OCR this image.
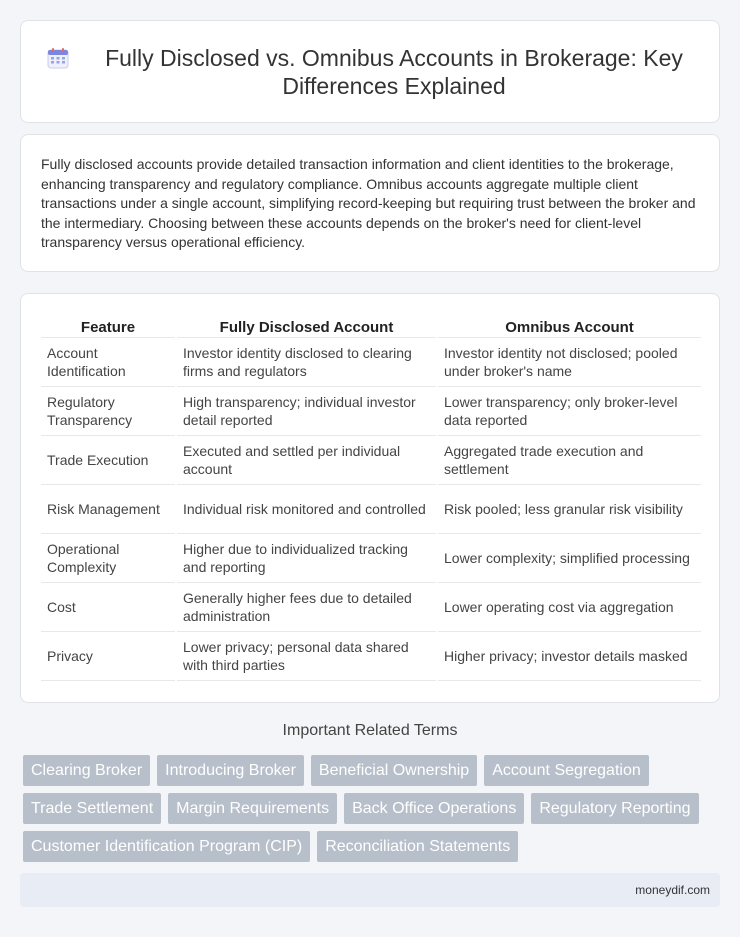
Fully Disclosed vs. Omnibus Accounts in Brokerage: Key Differences Explained

Fully disclosed accounts provide detailed transaction information and client identities to the brokerage, enhancing transparency and regulatory compliance. Omnibus accounts aggregate multiple client transactions under a single account, simplifying record-keeping but requiring trust between the broker and the intermediary. Choosing between these accounts depends on the broker's need for client-level transparency versus operational efficiency.

Feature	Fully Disclosed Account	Omnibus Account
Account Identification	Investor identity disclosed to clearing firms and regulators	Investor identity not disclosed; pooled under broker's name
Regulatory Transparency	High transparency; individual investor detail reported	Lower transparency; only broker-level data reported
Trade Execution	Executed and settled per individual account	Aggregated trade execution and settlement
Risk Management	Individual risk monitored and controlled	Risk pooled; less granular risk visibility
Operational Complexity	Higher due to individualized tracking and reporting	Lower complexity; simplified processing
Cost	Generally higher fees due to detailed administration	Lower operating cost via aggregation
Privacy	Lower privacy; personal data shared with third parties	Higher privacy; investor details masked
Important Related Terms
Clearing Broker	Introducing Broker	Beneficial Ownership	Account Segregation
Trade Settlement	Margin Requirements	Back Office Operations	Regulatory Reporting
Customer Identification Program (CIP)	Reconciliation Statements
moneydif.com
